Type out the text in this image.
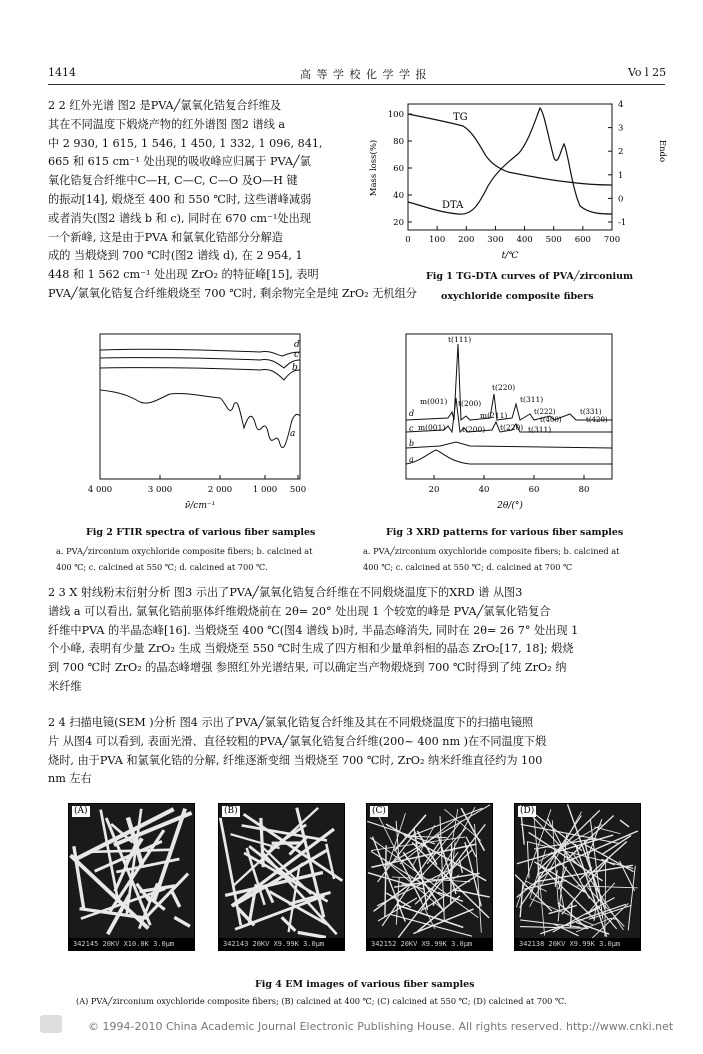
1414	高 等 学 校 化 学 学 报	Vo l 25
2 2 红外光谱 图2 是PVA╱氯氧化锆复合纤维及
其在不同温度下煅烧产物的红外谱图 图2 谱线 a
中 2 930, 1 615, 1 546, 1 450, 1 332, 1 096, 841,
665 和 615 cm⁻¹ 处出现的吸收峰应归属于 PVA╱氯
氧化锆复合纤维中C—H, C—C, C—O 及O—H 键
的振动[14], 煅烧至 400 和 550 ℃时, 这些谱峰减弱
或者消失(图2 谱线 b 和 c), 同时在 670 cm⁻¹处出现
一个新峰, 这是由于PVA 和氯氧化锆部分分解造
成的 当煅烧到 700 ℃时(图2 谱线 d), 在 2 954, 1
448 和 1 562 cm⁻¹ 处出现 ZrO₂ 的特征峰[15], 表明
PVA╱氯氧化锆复合纤维煅烧至 700 ℃时, 剩余物完全是纯 ZrO₂ 无机组分
TG
DTA
0 100 200 300 400 500 600 700
20
40
60
80
100
-1
0
1
2
3
4
Mass loss(%)	Endo
t/℃
Fig 1 TG-DTA curves of PVA╱zirconium
oxychloride composite fibers
d
c
b
a
4 000	3 000	2 000 1 000 500
ν̃/cm⁻¹
Fig 2 FTIR spectra of various fiber samples
a. PVA╱zirconium oxychloride composite fibers; b. calcined at
400 ℃; c. calcined at 550 ℃; d. calcined at 700 ℃.
d
c
b
a
t(111)
t(220)
m(001) t(200)
m(211)
t(311)
t(222)
t(400)
t(331)
t(420)
m(001) t(200) t(220) t(311)
20	40	60	80
2θ/(°)
Fig 3 XRD patterns for various fiber samples
a. PVA╱zirconium oxychloride composite fibers; b. calcined at
400 ℃; c. calcined at 550 ℃; d. calcined at 700 ℃
2 3 X 射线粉末衍射分析 图3 示出了PVA╱氯氧化锆复合纤维在不同煅烧温度下的XRD 谱 从图3
谱线 a 可以看出, 氯氧化锆前驱体纤维煅烧前在 2θ= 20° 处出现 1 个较宽的峰是 PVA╱氯氧化锆复合
纤维中PVA 的半晶态峰[16]. 当煅烧至 400 ℃(图4 谱线 b)时, 半晶态峰消失, 同时在 2θ= 26 7° 处出现 1
个小峰, 表明有少量 ZrO₂ 生成 当煅烧至 550 ℃时生成了四方相和少量单斜相的晶态 ZrO₂[17, 18]; 煅烧
到 700 ℃时 ZrO₂ 的晶态峰增强 参照红外光谱结果, 可以确定当产物煅烧到 700 ℃时得到了纯 ZrO₂ 纳
米纤维
2 4 扫描电镜(SEM )分析 图4 示出了PVA╱氯氧化锆复合纤维及其在不同煅烧温度下的扫描电镜照
片 从图4 可以看到, 表面光滑、直径较粗的PVA╱氯氧化锆复合纤维(200~ 400 nm )在不同温度下煅
烧时, 由于PVA 和氯氧化锆的分解, 纤维逐渐变细 当煅烧至 700 ℃时, ZrO₂ 纳米纤维直径约为 100
nm 左右
(A)
342145 20KV X10.0K 3.0μm
(B)
342143 20KV X9.99K 3.0μm
(C)
342152 20KV X9.99K 3.0μm
(D)
342138 20KV X9.99K 3.0μm
Fig 4 EM images of various fiber samples
(A) PVA╱zirconium oxychloride composite fibers; (B) calcined at 400 ℃; (C) calcined at 550 ℃; (D) calcined at 700 ℃.
© 1994-2010 China Academic Journal Electronic Publishing House. All rights reserved. http://www.cnki.net
